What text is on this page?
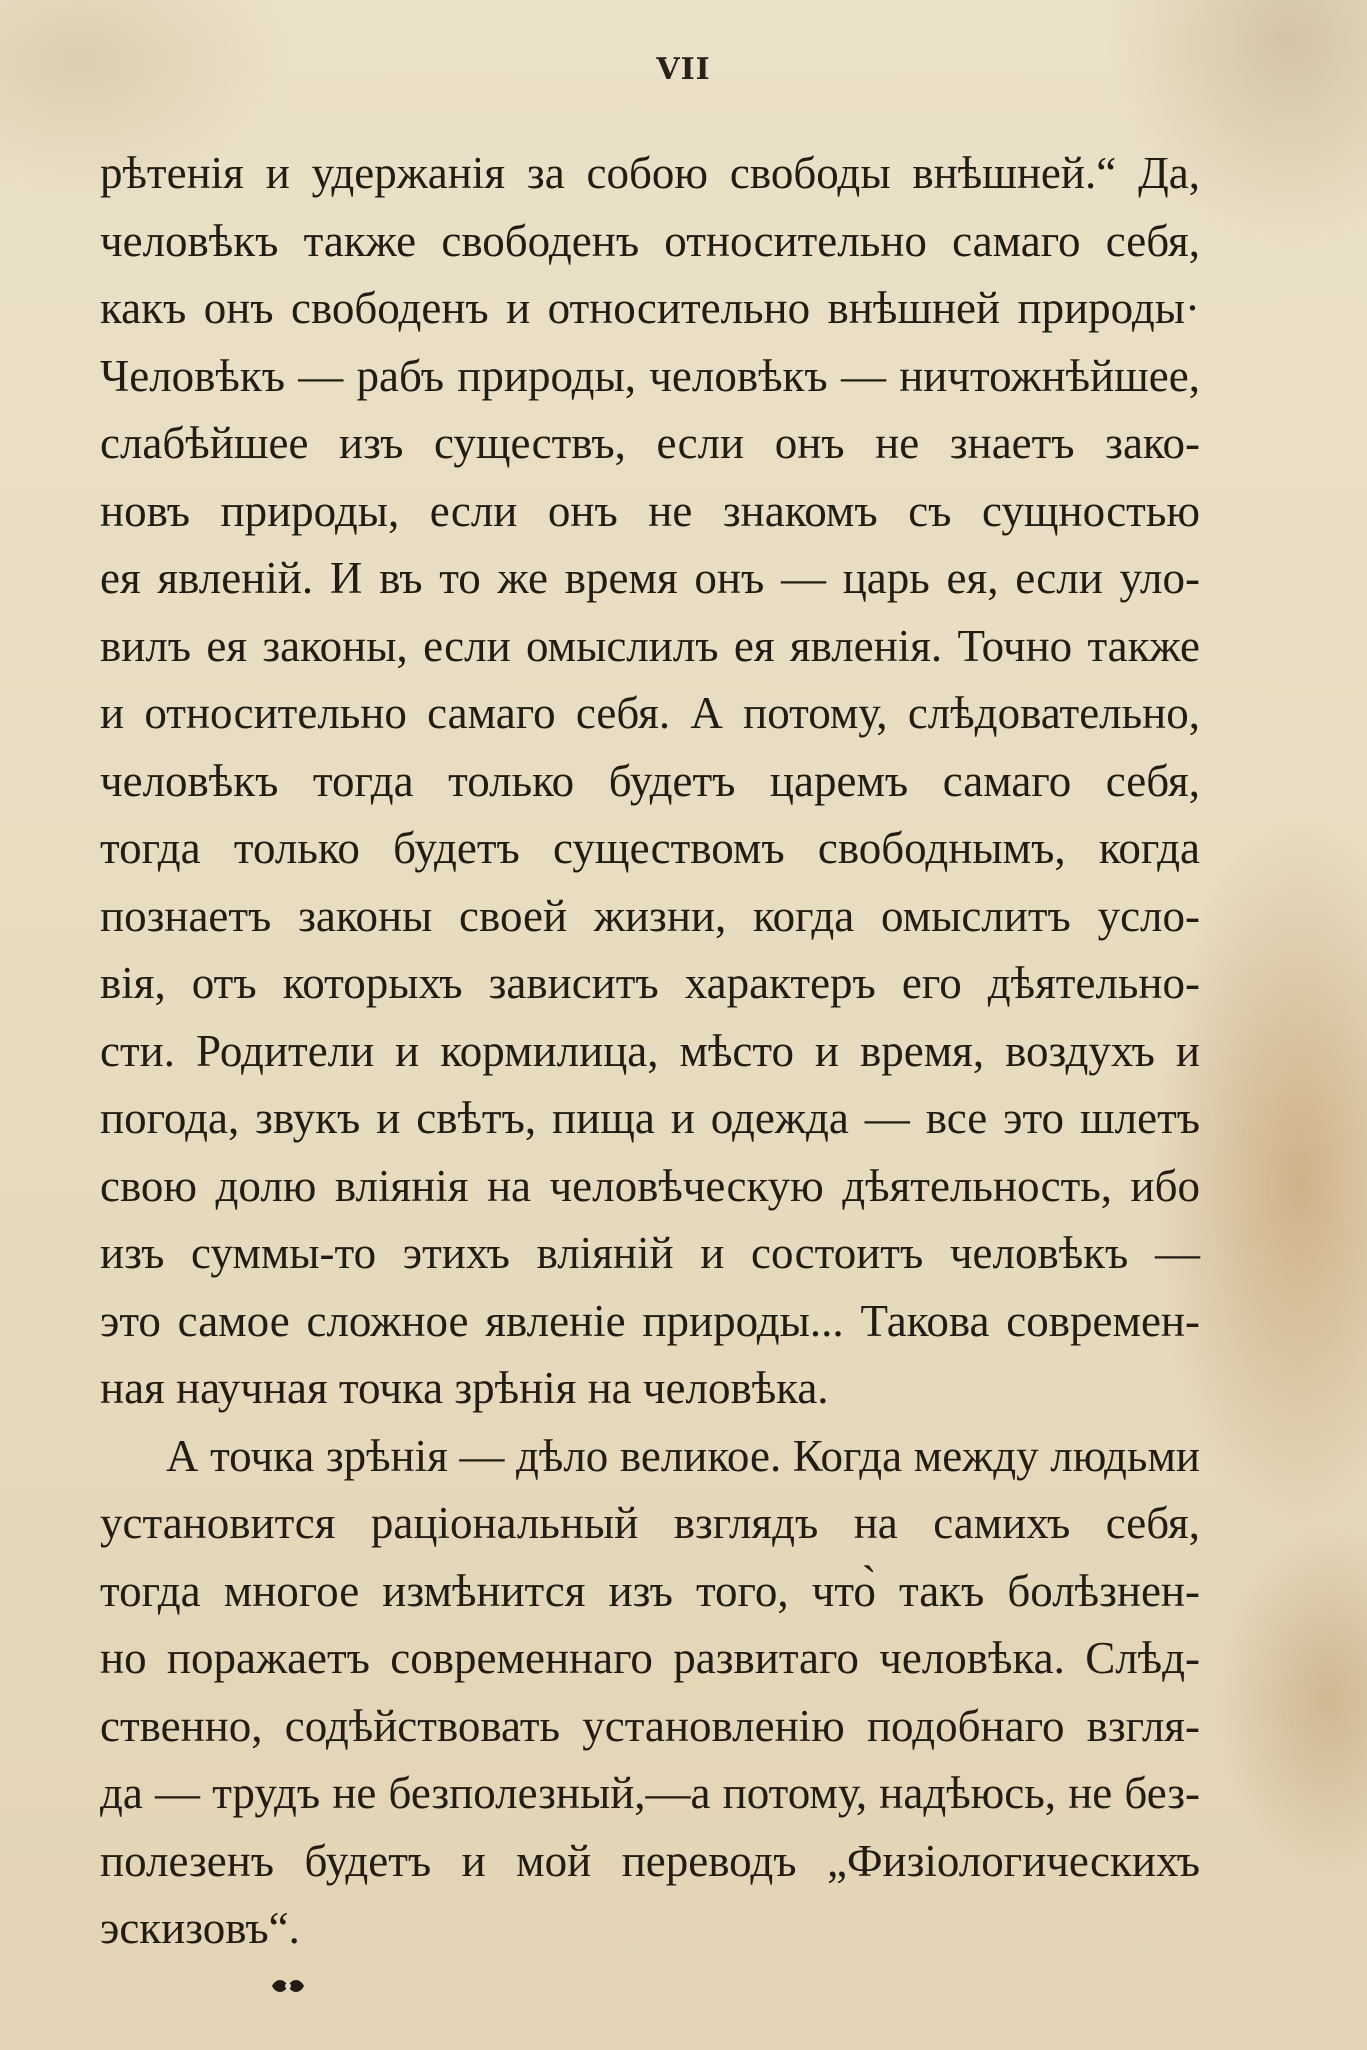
VII
рѣтенія и удержанія за собою свободы внѣшней.“ Да,
человѣкъ также свободенъ относительно самаго себя,
какъ онъ свободенъ и относительно внѣшней природы·
Человѣкъ — рабъ природы, человѣкъ — ничтожнѣйшее,
слабѣйшее изъ существъ, если онъ не знаетъ зако-
новъ природы, если онъ не знакомъ съ сущностью
ея явленій. И въ то же время онъ — царь ея, если уло-
вилъ ея законы, если омыслилъ ея явленія. Точно также
и относительно самаго себя. А потому, слѣдовательно,
человѣкъ тогда только будетъ царемъ самаго себя,
тогда только будетъ существомъ свободнымъ, когда
познаетъ законы своей жизни, когда омыслитъ усло-
вія, отъ которыхъ зависитъ характеръ его дѣятельно-
сти. Родители и кормилица, мѣсто и время, воздухъ и
погода, звукъ и свѣтъ, пища и одежда — все это шлетъ
свою долю вліянія на человѣческую дѣятельность, ибо
изъ суммы-то этихъ вліяній и состоитъ человѣкъ —
это самое сложное явленіе природы... Такова современ-
ная научная точка зрѣнія на человѣка.
А точка зрѣнія — дѣло великое. Когда между людьми
установится раціональный взглядъ на самихъ себя,
тогда многое измѣнится изъ того, что̀ такъ болѣзнен-
но поражаетъ современнаго развитаго человѣка. Слѣд-
ственно, содѣйствовать установленію подобнаго взгля-
да — трудъ не безполезный,—а потому, надѣюсь, не без-
полезенъ будетъ и мой переводъ „Физіологическихъ
эскизовъ“.
